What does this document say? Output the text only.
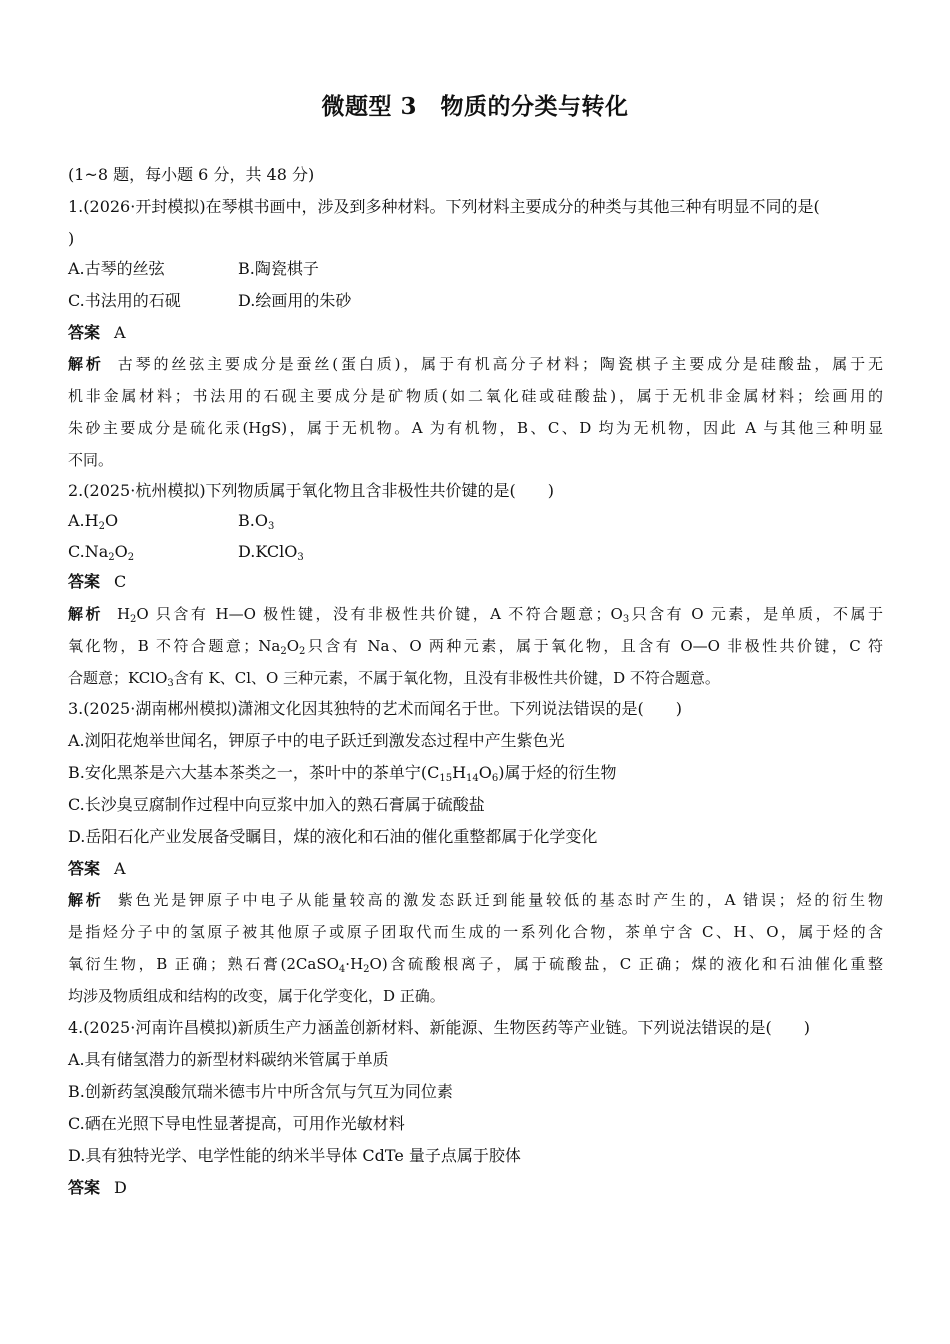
微题型 3　物质的分类与转化
(1~8 题，每小题 6 分，共 48 分)
1.(2026·开封模拟)在琴棋书画中，涉及到多种材料。下列材料主要成分的种类与其他三种有明显不同的是(
)
A.古琴的丝弦	B.陶瓷棋子
C.书法用的石砚	D.绘画用的朱砂
答案 A
解析 古琴的丝弦主要成分是蚕丝(蛋白质)，属于有机高分子材料；陶瓷棋子主要成分是硅酸盐，属于无
机非金属材料；书法用的石砚主要成分是矿物质(如二氧化硅或硅酸盐)，属于无机非金属材料；绘画用的
朱砂主要成分是硫化汞(HgS)，属于无机物。A 为有机物，B、C、D 均为无机物，因此 A 与其他三种明显
不同。
2.(2025·杭州模拟)下列物质属于氧化物且含非极性共价键的是(　　)
$A.H_2O$	$B.O_3$
$C.Na_2O_2$	D.KClO$_3$
答案 C
解析 $H_2O$ 只含有 H—O 极性键，没有非极性共价键，A 不符合题意；$O_3$只含有 O 元素，是单质，不属于
氧化物，B 不符合题意；$Na_2O_2$只含有 Na、O 两种元素，属于氧化物，且含有 O—O 非极性共价键，C 符
合题意；KClO$_3$含有 K、Cl、O 三种元素，不属于氧化物，且没有非极性共价键，D 不符合题意。
3.(2025·湖南郴州模拟)潇湘文化因其独特的艺术而闻名于世。下列说法错误的是(　　)
A.浏阳花炮举世闻名，钾原子中的电子跃迁到激发态过程中产生紫色光
B.安化黑茶是六大基本茶类之一，茶叶中的茶单宁$(C_{15}H_{14}O_6)$属于烃的衍生物
C.长沙臭豆腐制作过程中向豆浆中加入的熟石膏属于硫酸盐
D.岳阳石化产业发展备受瞩目，煤的液化和石油的催化重整都属于化学变化
答案 A
解析 紫色光是钾原子中电子从能量较高的激发态跃迁到能量较低的基态时产生的，A 错误；烃的衍生物
是指烃分子中的氢原子被其他原子或原子团取代而生成的一系列化合物，茶单宁含 C、H、O，属于烃的含
氧衍生物，B 正确；熟石膏$(2CaSO_4\cdot H_2O)$含硫酸根离子，属于硫酸盐，C 正确；煤的液化和石油催化重整
均涉及物质组成和结构的改变，属于化学变化，D 正确。
4.(2025·河南许昌模拟)新质生产力涵盖创新材料、新能源、生物医药等产业链。下列说法错误的是(　　)
A.具有储氢潜力的新型材料碳纳米管属于单质
B.创新药氢溴酸氘瑞米德韦片中所含氘与氕互为同位素
C.硒在光照下导电性显著提高，可用作光敏材料
D.具有独特光学、电学性能的纳米半导体 CdTe 量子点属于胶体
答案 D
